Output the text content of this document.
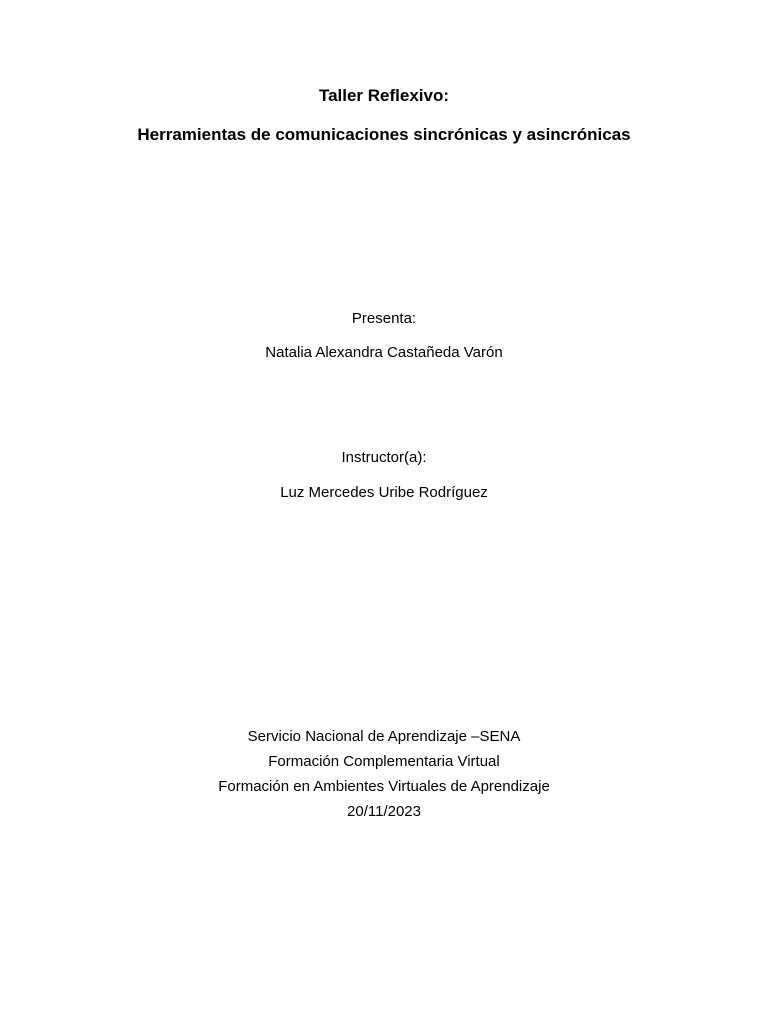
Taller Reflexivo:
Herramientas de comunicaciones sincrónicas y asincrónicas
Presenta:
Natalia Alexandra Castañeda Varón
Instructor(a):
Luz Mercedes Uribe Rodríguez
Servicio Nacional de Aprendizaje –SENA
Formación Complementaria Virtual
Formación en Ambientes Virtuales de Aprendizaje
20/11/2023
